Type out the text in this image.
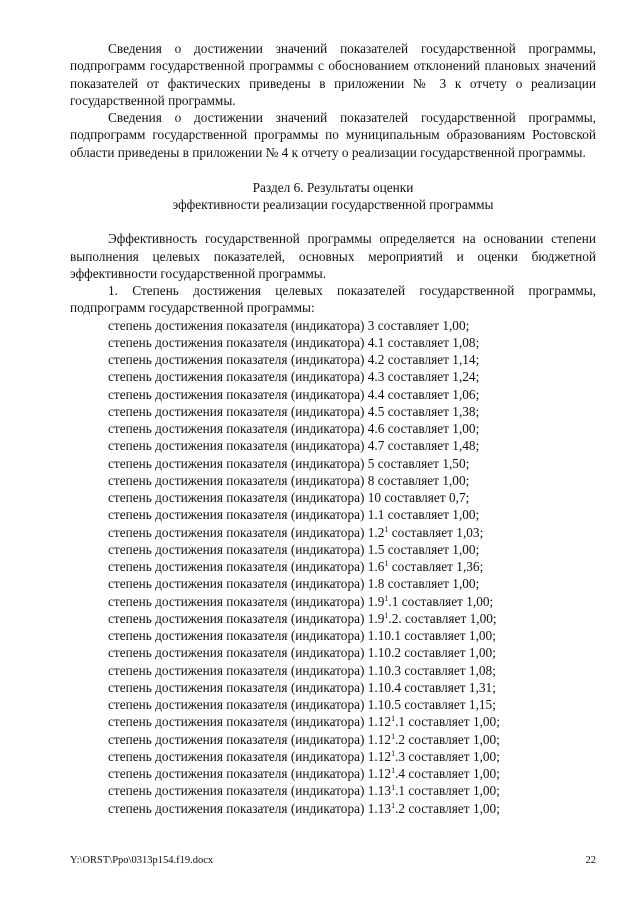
Сведения о достижении значений показателей государственной программы, подпрограмм государственной программы с обоснованием отклонений плановых значений показателей от фактических приведены в приложении № 3 к отчету о реализации государственной программы.

Сведения о достижении значений показателей государственной программы, подпрограмм государственной программы по муниципальным образованиям Ростовской области приведены в приложении № 4 к отчету о реализации государственной программы.

Раздел 6. Результаты оценки
эффективности реализации государственной программы

Эффективность государственной программы определяется на основании степени выполнения целевых показателей, основных мероприятий и оценки бюджетной эффективности государственной программы.

1. Степень достижения целевых показателей государственной программы, подпрограмм государственной программы:

степень достижения показателя (индикатора) 3 составляет 1,00;
степень достижения показателя (индикатора) 4.1 составляет 1,08;
степень достижения показателя (индикатора) 4.2 составляет 1,14;
степень достижения показателя (индикатора) 4.3 составляет 1,24;
степень достижения показателя (индикатора) 4.4 составляет 1,06;
степень достижения показателя (индикатора) 4.5 составляет 1,38;
степень достижения показателя (индикатора) 4.6 составляет 1,00;
степень достижения показателя (индикатора) 4.7 составляет 1,48;
степень достижения показателя (индикатора) 5 составляет 1,50;
степень достижения показателя (индикатора) 8 составляет 1,00;
степень достижения показателя (индикатора) 10 составляет 0,7;
степень достижения показателя (индикатора) 1.1 составляет 1,00;
степень достижения показателя (индикатора) $1.2^1$ составляет 1,03;
степень достижения показателя (индикатора) 1.5 составляет 1,00;
степень достижения показателя (индикатора) $1.6^1$ составляет 1,36;
степень достижения показателя (индикатора) 1.8 составляет 1,00;
степень достижения показателя (индикатора) $1.9^1.1$ составляет 1,00;
степень достижения показателя (индикатора) $1.9^1.2$. составляет 1,00;
степень достижения показателя (индикатора) 1.10.1 составляет 1,00;
степень достижения показателя (индикатора) 1.10.2 составляет 1,00;
степень достижения показателя (индикатора) 1.10.3 составляет 1,08;
степень достижения показателя (индикатора) 1.10.4 составляет 1,31;
степень достижения показателя (индикатора) 1.10.5 составляет 1,15;
степень достижения показателя (индикатора) 1.12$^1$.1 составляет 1,00;
степень достижения показателя (индикатора) 1.12$^1$.2 составляет 1,00;
степень достижения показателя (индикатора) 1.12$^1$.3 составляет 1,00;
степень достижения показателя (индикатора) 1.12$^1$.4 составляет 1,00;
степень достижения показателя (индикатора) 1.13$^1$.1 составляет 1,00;
степень достижения показателя (индикатора) 1.13$^1$.2 составляет 1,00;
Y:\ORST\Ppo\0313p154.f19.docx	22
